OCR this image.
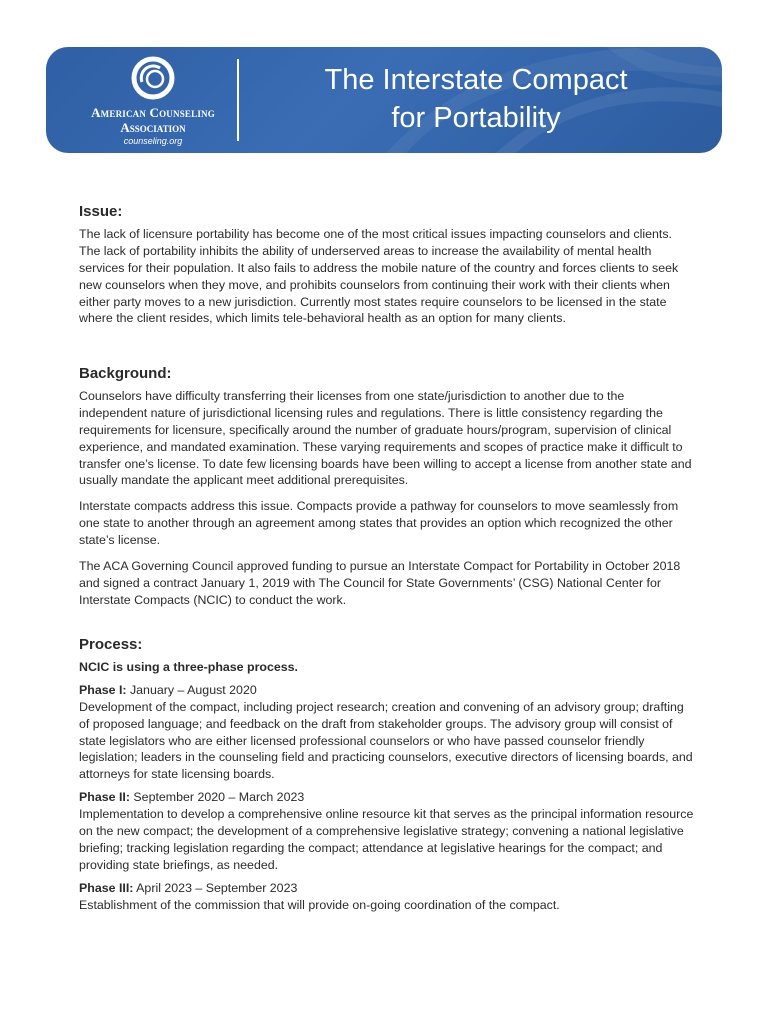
American Counseling
Association
counseling.org
The Interstate Compact
for Portability
Issue:

The lack of licensure portability has become one of the most critical issues impacting counselors and clients. The lack of portability inhibits the ability of underserved areas to increase the availability of mental health services for their population. It also fails to address the mobile nature of the country and forces clients to seek new counselors when they move, and prohibits counselors from continuing their work with their clients when either party moves to a new jurisdiction. Currently most states require counselors to be licensed in the state where the client resides, which limits tele-behavioral health as an option for many clients.

Background:

Counselors have difficulty transferring their licenses from one state/jurisdiction to another due to the independent nature of jurisdictional licensing rules and regulations. There is little consistency regarding the requirements for licensure, specifically around the number of graduate hours/program, supervision of clinical experience, and mandated examination. These varying requirements and scopes of practice make it difficult to transfer one’s license. To date few licensing boards have been willing to accept a license from another state and usually mandate the applicant meet additional prerequisites.

Interstate compacts address this issue. Compacts provide a pathway for counselors to move seamlessly from one state to another through an agreement among states that provides an option which recognized the other state’s license.

The ACA Governing Council approved funding to pursue an Interstate Compact for Portability in October 2018 and signed a contract January 1, 2019 with The Council for State Governments’ (CSG) National Center for Interstate Compacts (NCIC) to conduct the work.

Process:

NCIC is using a three-phase process.

Phase I: January – August 2020

Development of the compact, including project research; creation and convening of an advisory group; drafting of proposed language; and feedback on the draft from stakeholder groups. The advisory group will consist of state legislators who are either licensed professional counselors or who have passed counselor friendly legislation; leaders in the counseling field and practicing counselors, executive directors of licensing boards, and attorneys for state licensing boards.

Phase II: September 2020 – March 2023

Implementation to develop a comprehensive online resource kit that serves as the principal information resource on the new compact; the development of a comprehensive legislative strategy; convening a national legislative briefing; tracking legislation regarding the compact; attendance at legislative hearings for the compact; and providing state briefings, as needed.

Phase III: April 2023 – September 2023

Establishment of the commission that will provide on-going coordination of the compact.
